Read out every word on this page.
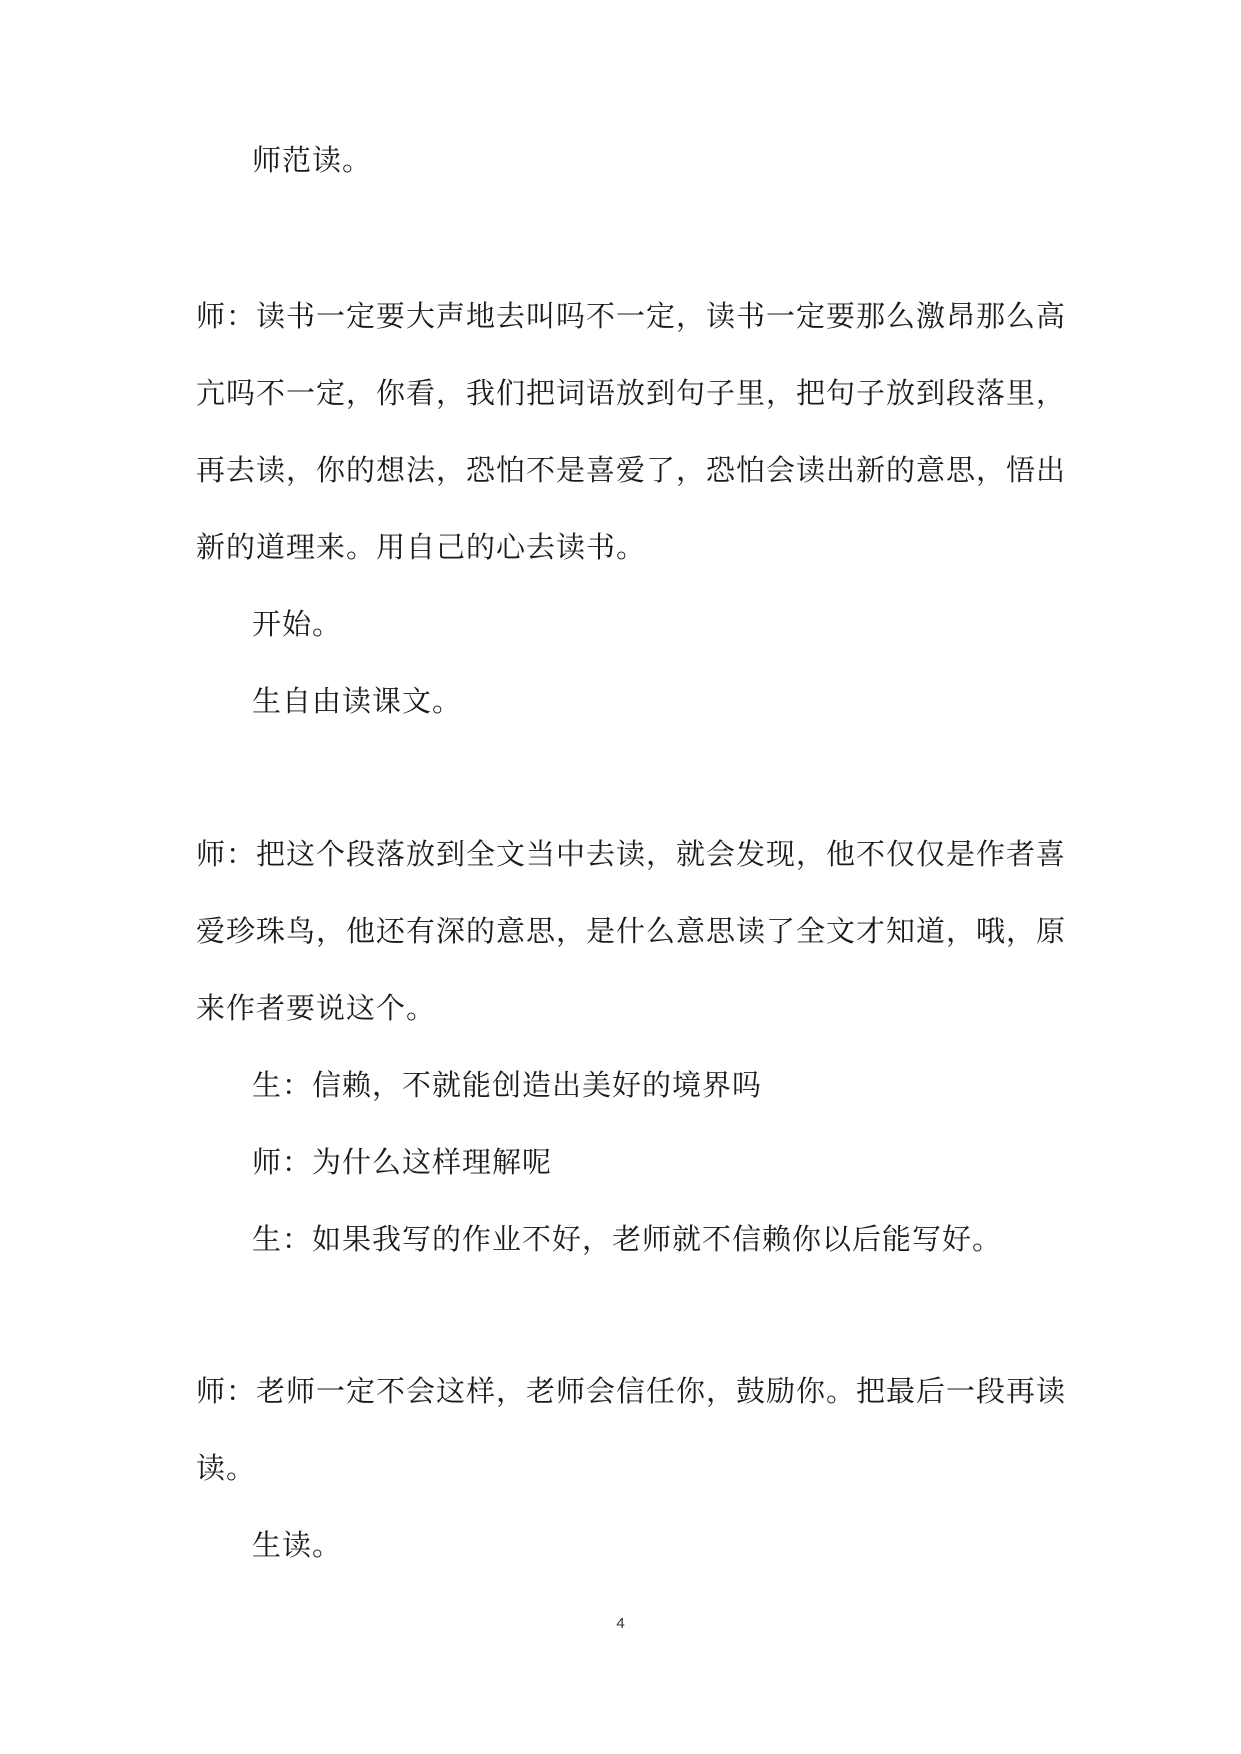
师范读。
师：读书一定要大声地去叫吗不一定，读书一定要那么激昂那么高
亢吗不一定，你看，我们把词语放到句子里，把句子放到段落里，
再去读，你的想法，恐怕不是喜爱了，恐怕会读出新的意思，悟出
新的道理来。用自己的心去读书。
开始。
生自由读课文。
师：把这个段落放到全文当中去读，就会发现，他不仅仅是作者喜
爱珍珠鸟，他还有深的意思，是什么意思读了全文才知道，哦，原
来作者要说这个。
生：信赖，不就能创造出美好的境界吗
师：为什么这样理解呢
生：如果我写的作业不好，老师就不信赖你以后能写好。
师：老师一定不会这样，老师会信任你，鼓励你。把最后一段再读
读。
生读。
4
